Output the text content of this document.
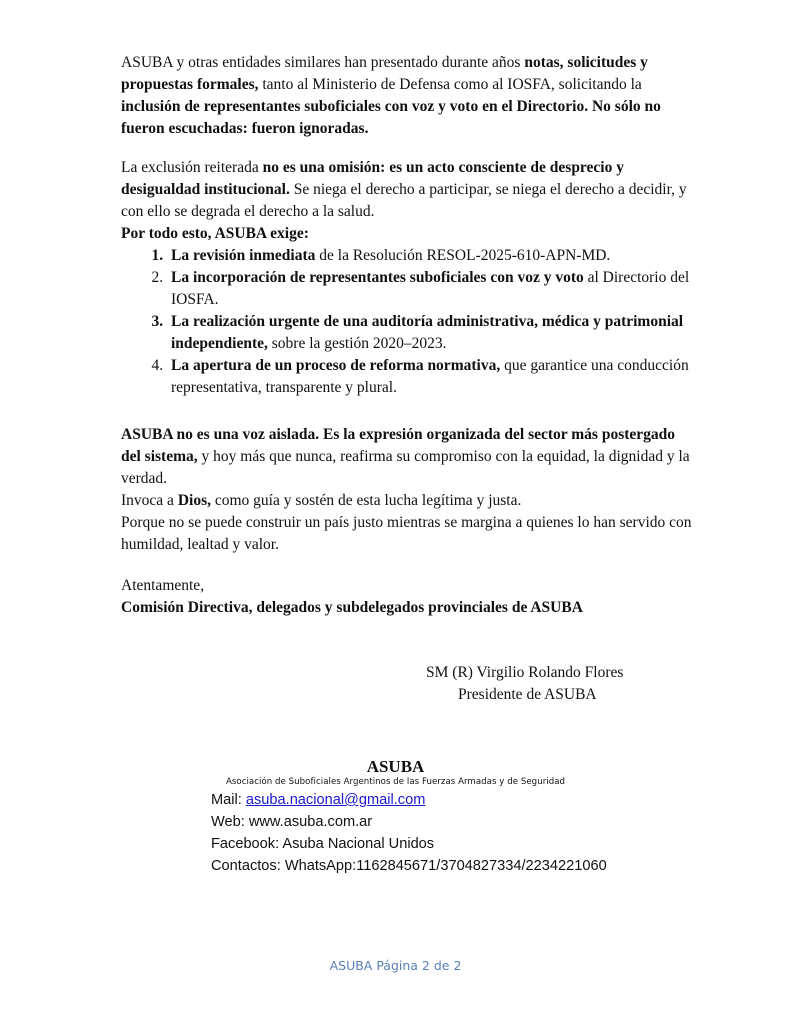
ASUBA y otras entidades similares han presentado durante años notas, solicitudes y propuestas formales, tanto al Ministerio de Defensa como al IOSFA, solicitando la inclusión de representantes suboficiales con voz y voto en el Directorio. No sólo no fueron escuchadas: fueron ignoradas.

La exclusión reiterada no es una omisión: es un acto consciente de desprecio y desigualdad institucional. Se niega el derecho a participar, se niega el derecho a decidir, y con ello se degrada el derecho a la salud.

Por todo esto, ASUBA exige:

1. La revisión inmediata de la Resolución RESOL-2025-610-APN-MD.
2. La incorporación de representantes suboficiales con voz y voto al Directorio del IOSFA.
3. La realización urgente de una auditoría administrativa, médica y patrimonial independiente, sobre la gestión 2020–2023.
4. La apertura de un proceso de reforma normativa, que garantice una conducción representativa, transparente y plural.

ASUBA no es una voz aislada. Es la expresión organizada del sector más postergado del sistema, y hoy más que nunca, reafirma su compromiso con la equidad, la dignidad y la verdad.

Invoca a Dios, como guía y sostén de esta lucha legítima y justa.

Porque no se puede construir un país justo mientras se margina a quienes lo han servido con humildad, lealtad y valor.

Atentamente,

Comisión Directiva, delegados y subdelegados provinciales de ASUBA

SM (R) Virgilio Rolando Flores
Presidente de ASUBA
ASUBA
Asociación de Suboficiales Argentinos de las Fuerzas Armadas y de Seguridad
Mail: asuba.nacional@gmail.com
Web: www.asuba.com.ar
Facebook: Asuba Nacional Unidos
Contactos: WhatsApp:1162845671/3704827334/2234221060
ASUBA Página 2 de 2
